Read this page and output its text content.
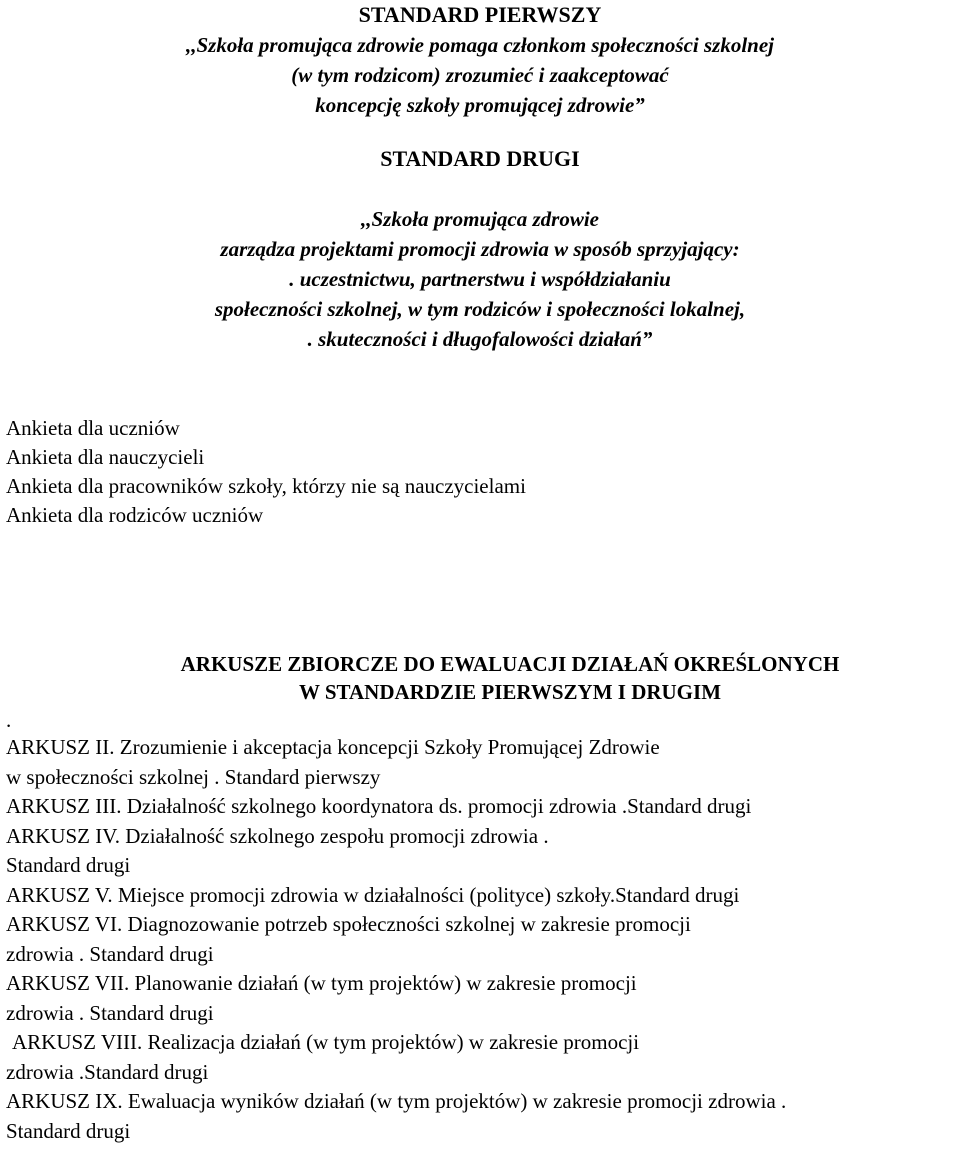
STANDARD PIERWSZY

,,Szkoła promująca zdrowie pomaga członkom społeczności szkolnej

(w tym rodzicom) zrozumieć i zaakceptować

koncepcję szkoły promującej zdrowie”

STANDARD DRUGI

,,Szkoła promująca zdrowie

zarządza projektami promocji zdrowia w sposób sprzyjający:

. uczestnictwu, partnerstwu i współdziałaniu

społeczności szkolnej, w tym rodziców i społeczności lokalnej,

. skuteczności i długofalowości działań”

Ankieta dla uczniów
Ankieta dla nauczycieli
Ankieta dla pracowników szkoły, którzy nie są nauczycielami
Ankieta dla rodziców uczniów
ARKUSZE ZBIORCZE DO EWALUACJI DZIAŁAŃ OKREŚLONYCH
W STANDARDZIE PIERWSZYM I DRUGIM
.
ARKUSZ II. Zrozumienie i akceptacja koncepcji Szkoły Promującej Zdrowie
w społeczności szkolnej . Standard pierwszy
ARKUSZ III. Działalność szkolnego koordynatora ds. promocji zdrowia .Standard drugi
ARKUSZ IV. Działalność szkolnego zespołu promocji zdrowia .
Standard drugi
ARKUSZ V. Miejsce promocji zdrowia w działalności (polityce) szkoły.Standard drugi
ARKUSZ VI. Diagnozowanie potrzeb społeczności szkolnej w zakresie promocji
zdrowia . Standard drugi
ARKUSZ VII. Planowanie działań (w tym projektów) w zakresie promocji
zdrowia . Standard drugi
ARKUSZ VIII. Realizacja działań (w tym projektów) w zakresie promocji
zdrowia .Standard drugi
ARKUSZ IX. Ewaluacja wyników działań (w tym projektów) w zakresie promocji zdrowia .
Standard drugi
